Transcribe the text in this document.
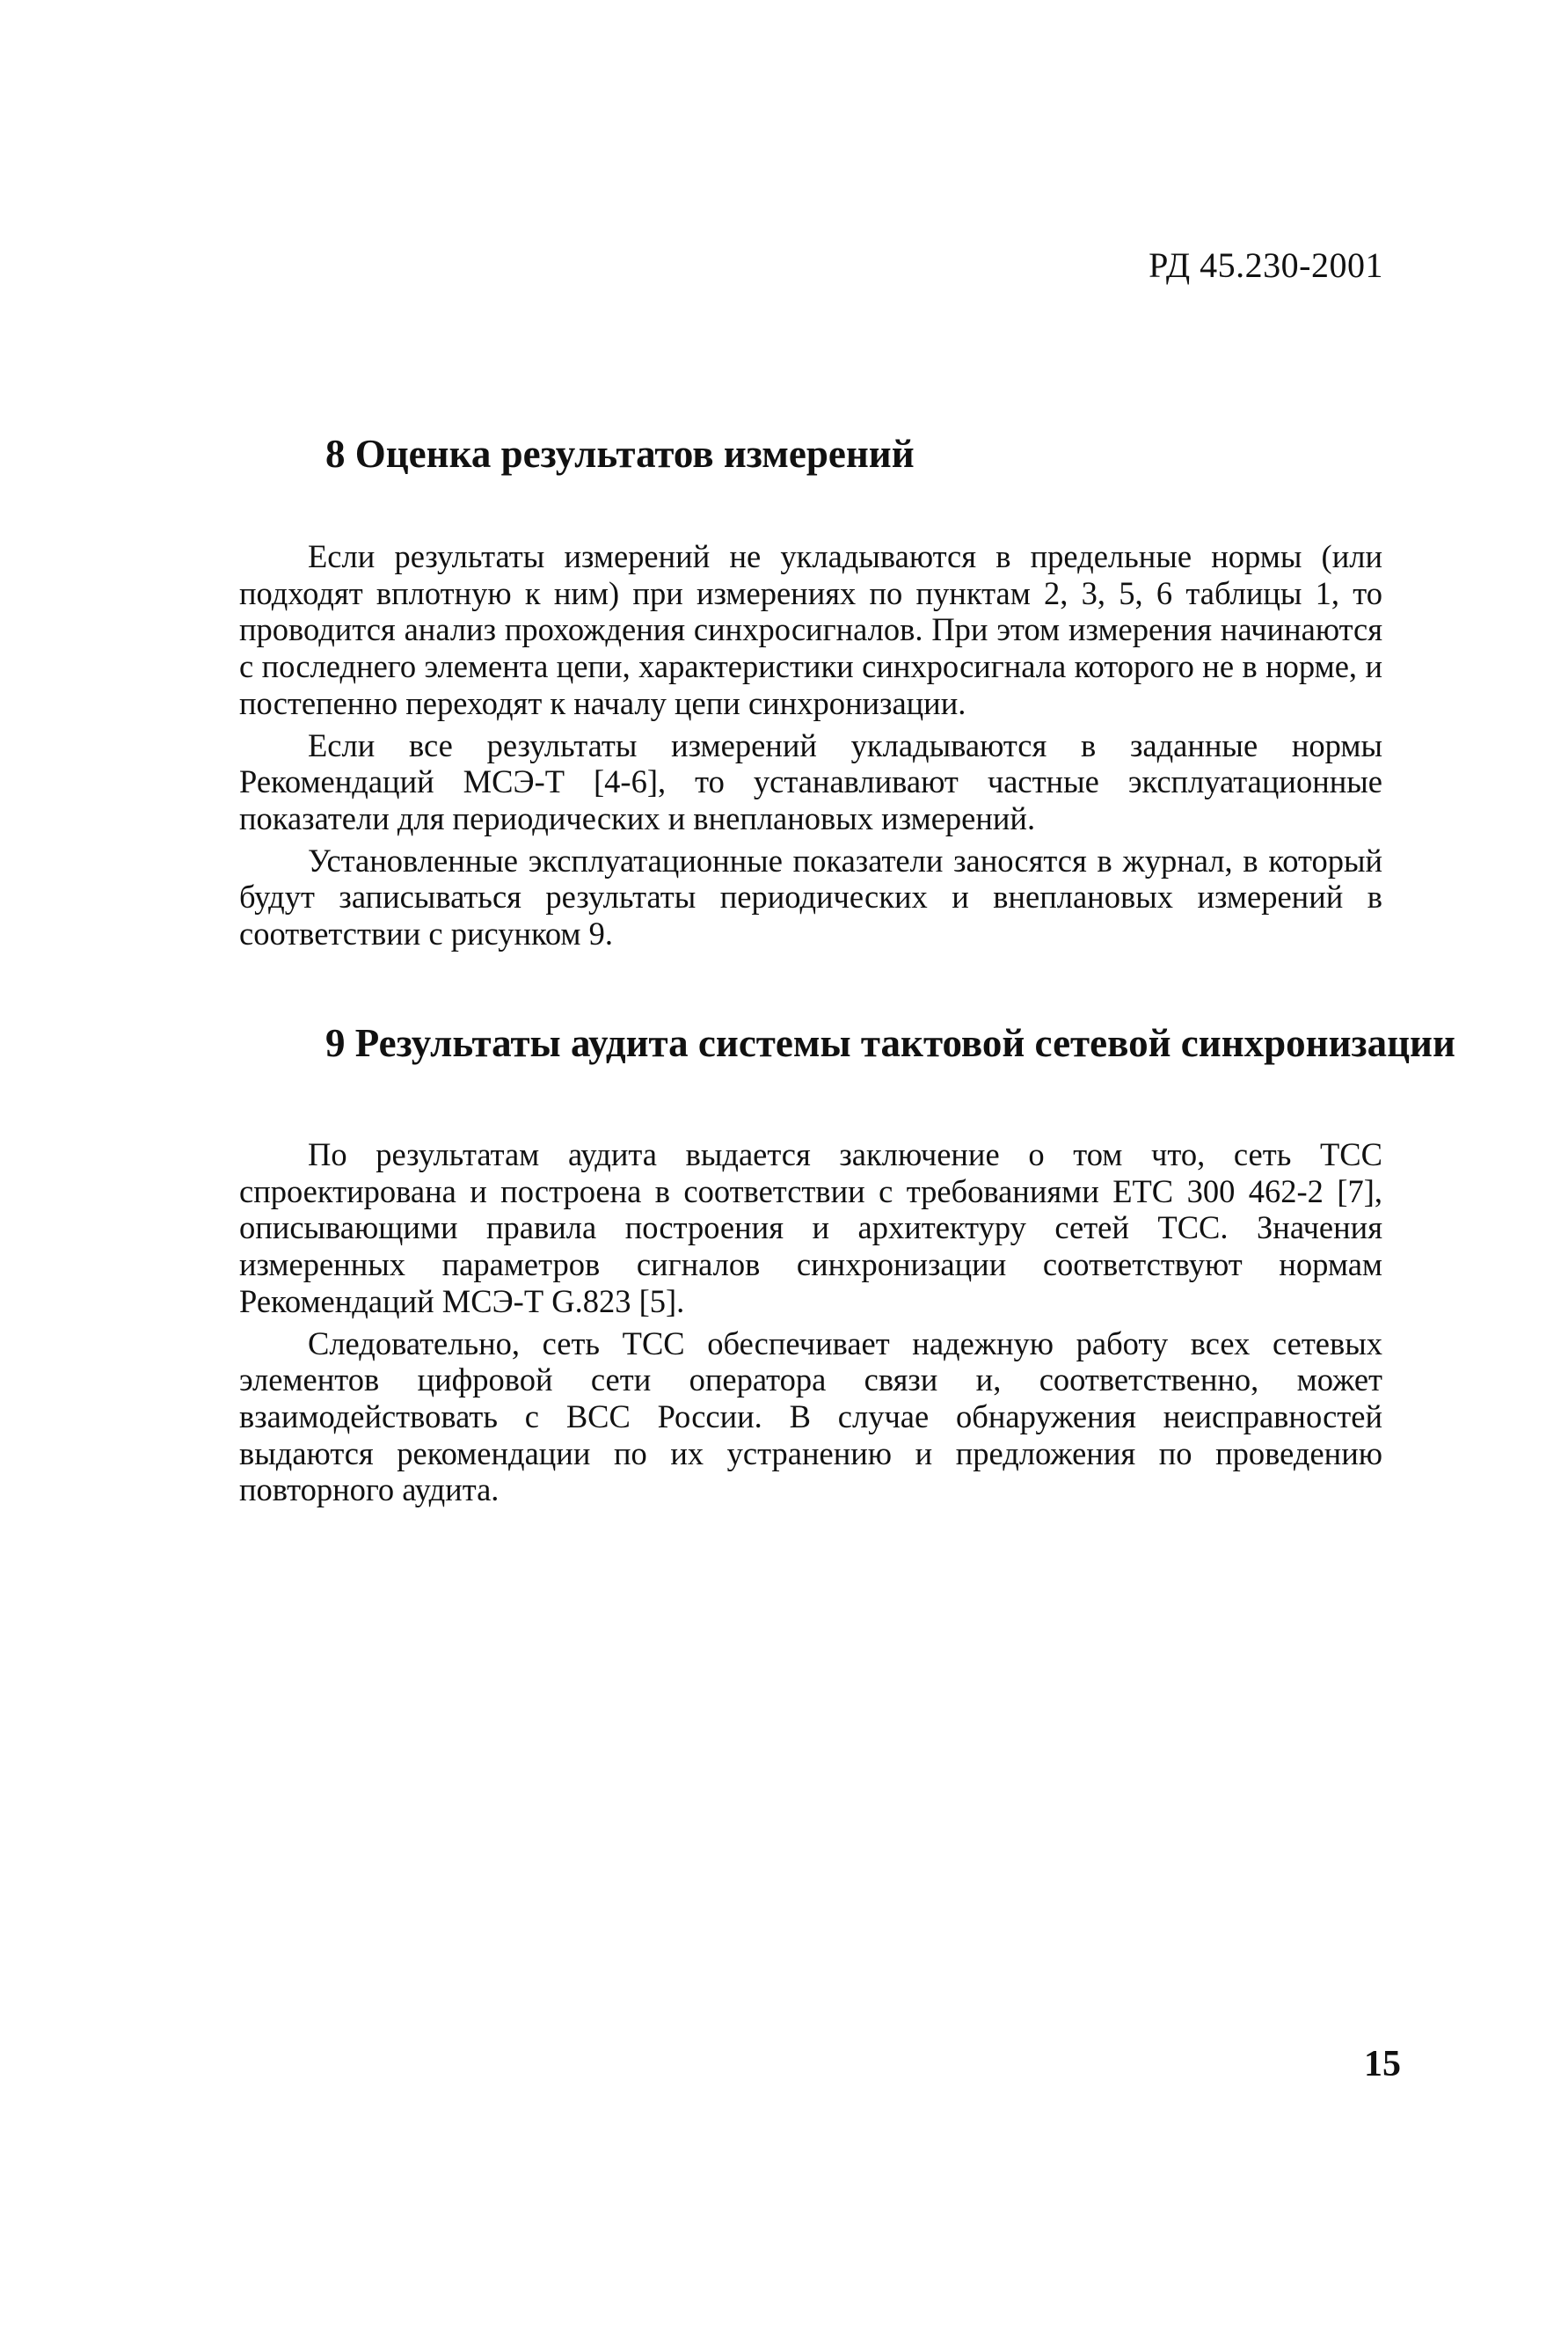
РД 45.230-2001
8 Оценка результатов измерений

Если результаты измерений не укладываются в предельные нормы (или подходят вплотную к ним) при измерениях по пунктам 2, 3, 5, 6 таблицы 1, то проводится анализ прохождения синхросигналов. При этом измерения начинаются с последнего элемента цепи, характеристики синхросигнала которого не в норме, и постепенно переходят к началу цепи синхронизации.

Если все результаты измерений укладываются в заданные нормы Рекомендаций МСЭ-Т [4-6], то устанавливают частные эксплуатационные показатели для периодических и внеплановых измерений.

Установленные эксплуатационные показатели заносятся в журнал, в который будут записываться результаты периодических и внеплановых измерений в соответствии с рисунком 9.

9 Результаты аудита системы тактовой сетевой синхронизации

По результатам аудита выдается заключение о том что, сеть ТСС спроектирована и построена в соответствии с требованиями ЕТС 300 462-2 [7], описывающими правила построения и архитектуру сетей ТСС. Значения измеренных параметров сигналов синхронизации соответствуют нормам Рекомендаций МСЭ-Т G.823 [5].

Следовательно, сеть ТСС обеспечивает надежную работу всех сетевых элементов цифровой сети оператора связи и, соответственно, может взаимодействовать с ВСС России. В случае обнаружения неисправностей выдаются рекомендации по их устранению и предложения по проведению повторного аудита.

15
